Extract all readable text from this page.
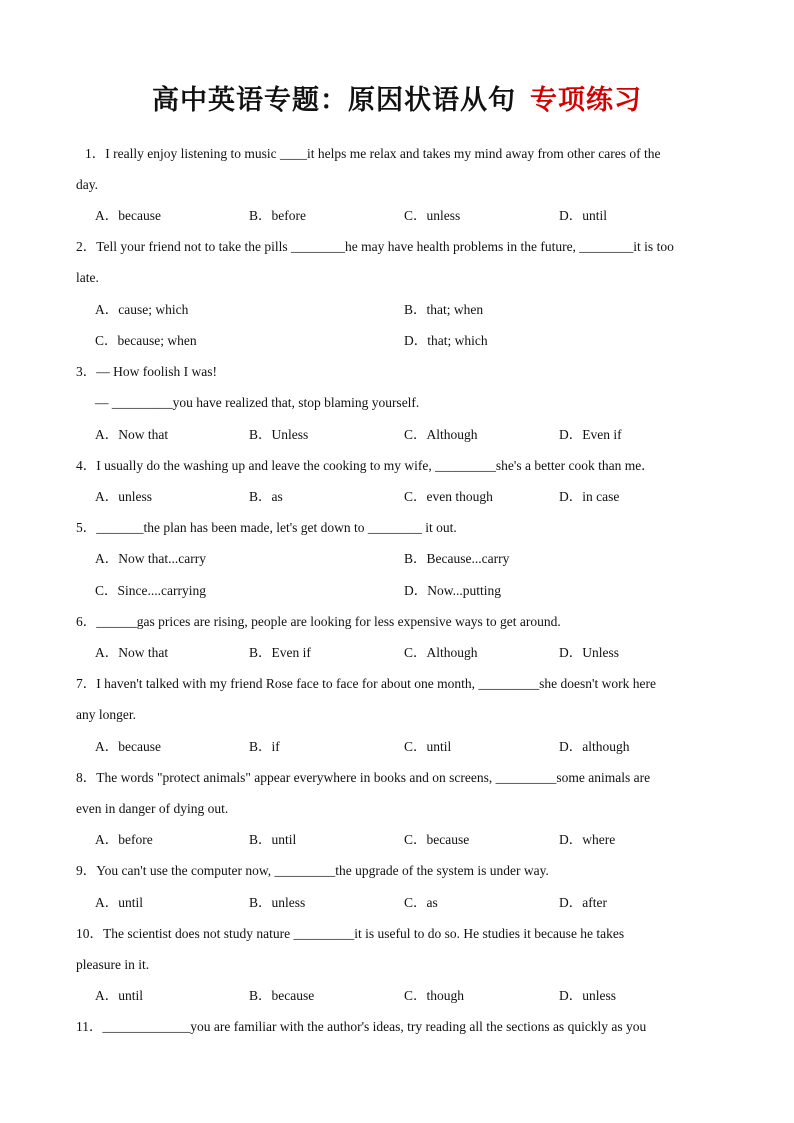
高中英语专题：原因状语从句 专项练习
1．I really enjoy listening to music ____it helps me relax and takes my mind away from other cares of the
day.
A．because	B．before	C．unless	D．until
2．Tell your friend not to take the pills ________he may have health problems in the future, ________it is too
late.
A．cause; which	B．that; when
C．because; when	D．that; which
3．— How foolish I was!
— _________you have realized that, stop blaming yourself.
A．Now that	B．Unless	C．Although	D．Even if
4．I usually do the washing up and leave the cooking to my wife, _________she's a better cook than me．
A．unless	B．as	C．even though	D．in case
5．_______the plan has been made, let's get down to ________ it out.
A．Now that...carry	B．Because...carry
C．Since....carrying	D．Now...putting
6．______gas prices are rising, people are looking for less expensive ways to get around.
A．Now that	B．Even if	C．Although	D．Unless
7．I haven't talked with my friend Rose face to face for about one month, _________she doesn't work here
any longer.
A．because	B．if	C．until	D．although
8．The words "protect animals" appear everywhere in books and on screens, _________some animals are
even in danger of dying out.
A．before	B．until	C．because	D．where
9．You can't use the computer now, _________the upgrade of the system is under way.
A．until	B．unless	C．as	D．after
10．The scientist does not study nature _________it is useful to do so. He studies it because he takes
pleasure in it.
A．until	B．because	C．though	D．unless
11．_____________you are familiar with the author's ideas, try reading all the sections as quickly as you
